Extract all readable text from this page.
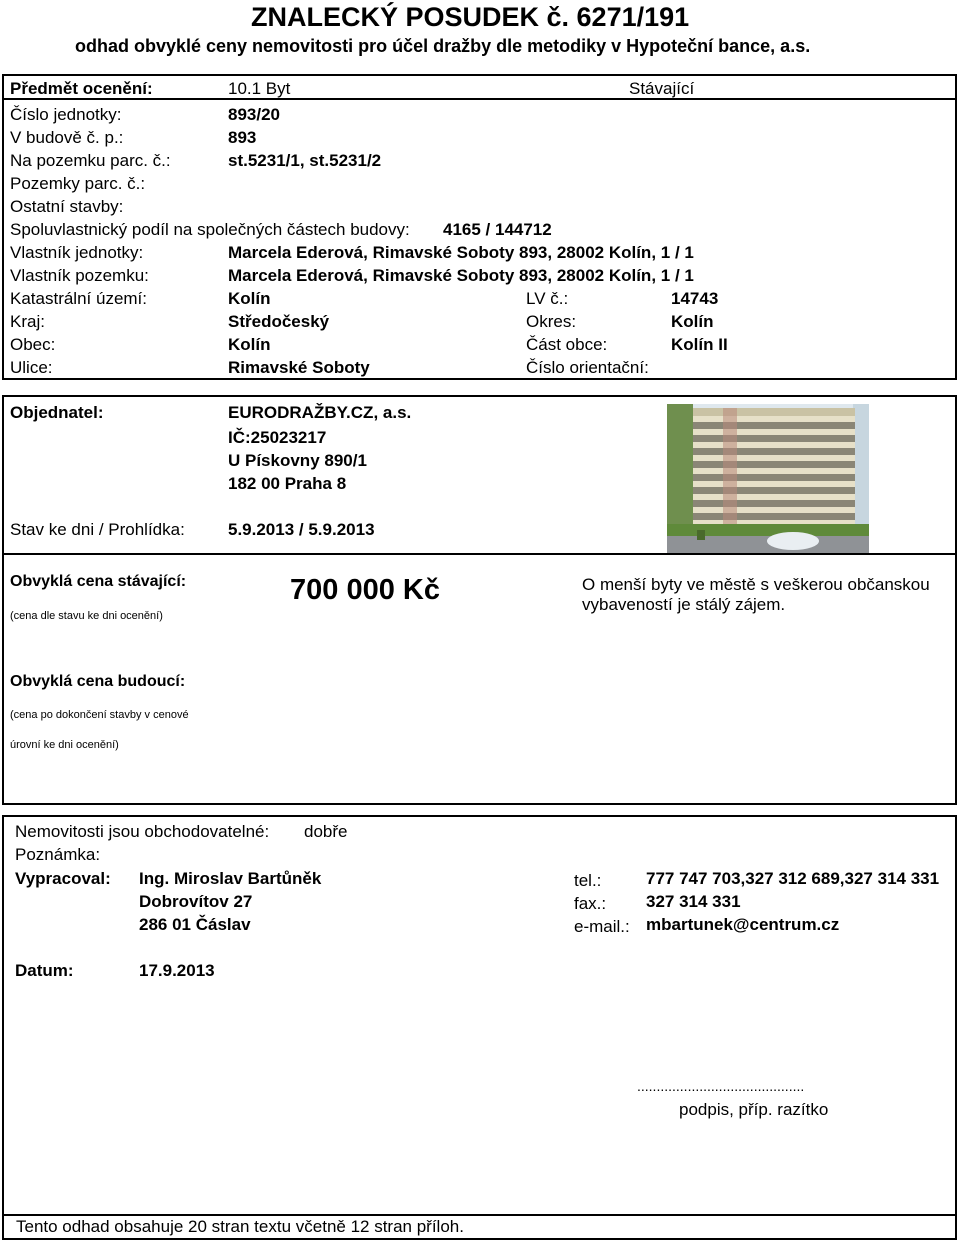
ZNALECKÝ POSUDEK č. 6271/191
odhad obvyklé ceny nemovitosti pro účel dražby dle metodiky v Hypoteční bance, a.s.
Předmět ocenění:	10.1 Byt	Stávající
Číslo jednotky:	893/20
V budově č. p.:	893
Na pozemku parc. č.:	st.5231/1, st.5231/2
Pozemky parc. č.:
Ostatní stavby:
Spoluvlastnický podíl na společných částech budovy: 4165 / 144712
Vlastník jednotky:	Marcela Ederová, Rimavské Soboty 893, 28002 Kolín, 1 / 1
Vlastník pozemku:	Marcela Ederová, Rimavské Soboty 893, 28002 Kolín, 1 / 1
Katastrální území:	Kolín	LV č.:	14743
Kraj:	Středočeský	Okres:	Kolín
Obec:	Kolín	Část obce:	Kolín II
Ulice:	Rimavské Soboty	Číslo orientační:
Objednatel:	EURODRAŽBY.CZ, a.s.
IČ:25023217
U Pískovny 890/1
182 00 Praha 8
Stav ke dni / Prohlídka:	5.9.2013 / 5.9.2013
Obvyklá cena stávající:
(cena dle stavu ke dni ocenění)
700 000 Kč	O menší byty ve městě s veškerou občanskou
vybaveností je stálý zájem.
Obvyklá cena budoucí:
(cena po dokončení stavby v cenové
úrovní ke dni ocenění)
Nemovitosti jsou obchodovatelné: dobře
Poznámka:
Vypracoval: Ing. Miroslav Bartůněk
Dobrovítov 27
286 01 Čáslav
tel.:	777 747 703,327 312 689,327 314 331
fax.: 327 314 331
e-mail.: mbartunek@centrum.cz
Datum:	17.9.2013
...........................................
podpis, příp. razítko
Tento odhad obsahuje 20 stran textu včetně 12 stran příloh.
